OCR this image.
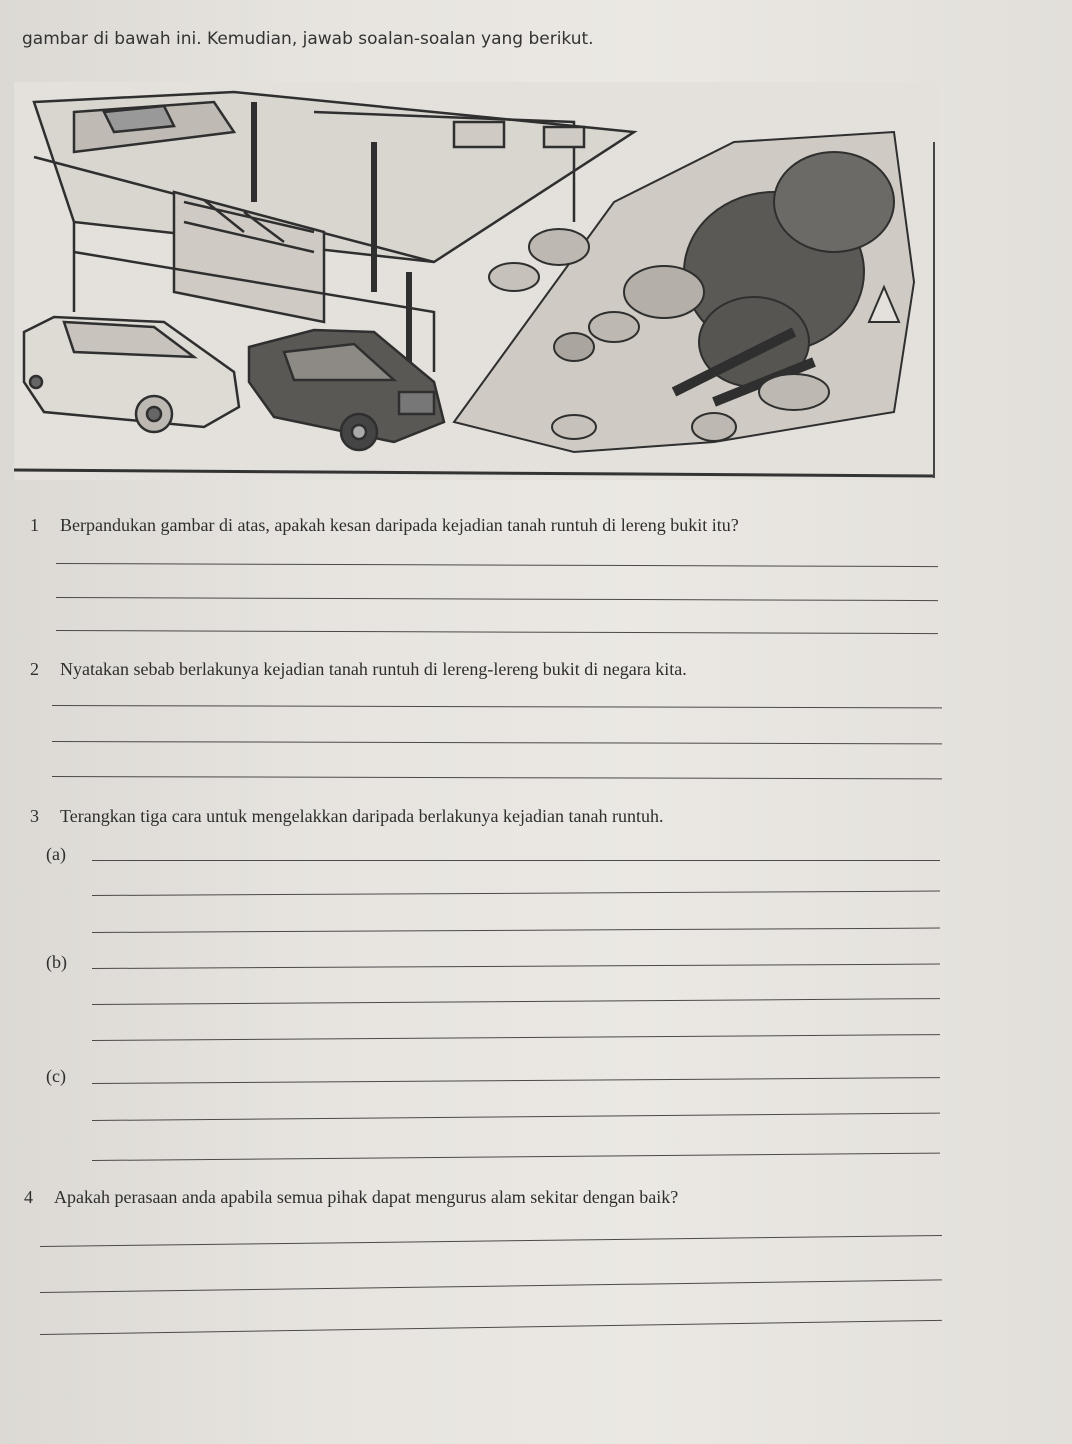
gambar di bawah ini. Kemudian, jawab soalan-soalan yang berikut.
1 Berpandukan gambar di atas, apakah kesan daripada kejadian tanah runtuh di lereng bukit itu?
2 Nyatakan sebab berlakunya kejadian tanah runtuh di lereng-lereng bukit di negara kita.
3 Terangkan tiga cara untuk mengelakkan daripada berlakunya kejadian tanah runtuh.
(a)
(b)
(c)
4 Apakah perasaan anda apabila semua pihak dapat mengurus alam sekitar dengan baik?
